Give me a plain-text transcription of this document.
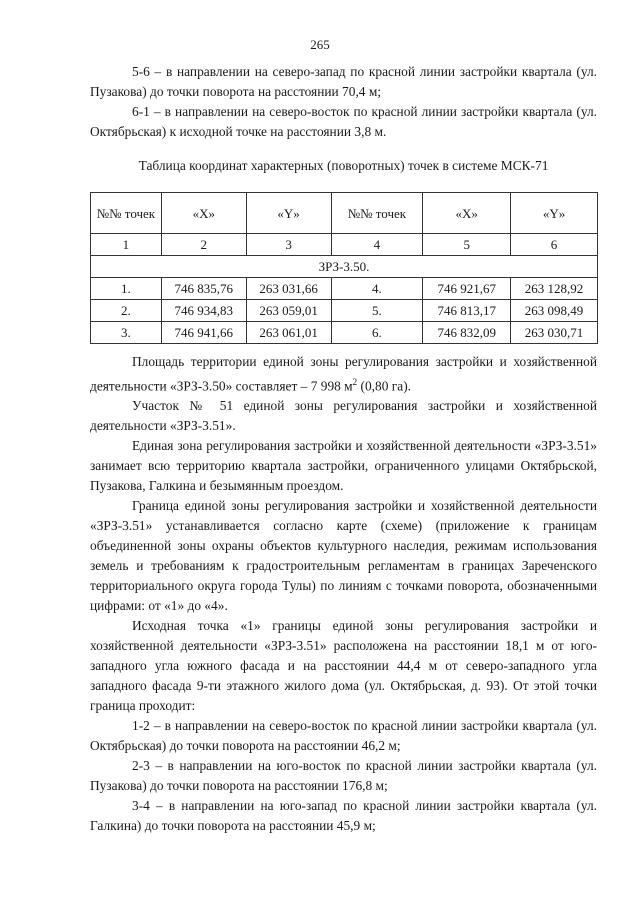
265

5-6 – в направлении на северо-запад по красной линии застройки квартала (ул. Пузакова) до точки поворота на расстоянии 70,4 м;

6-1 – в направлении на северо-восток по красной линии застройки квартала (ул. Октябрьская) к исходной точке на расстоянии 3,8 м.

Таблица координат характерных (поворотных) точек в системе МСК-71

№№ точек	«X»	«Y»	№№ точек	«X»	«Y»
1	2	3	4	5	6
ЗРЗ-3.50.					
1.	746 835,76	263 031,66	4.	746 921,67	263 128,92
2.	746 934,83	263 059,01	5.	746 813,17	263 098,49
3.	746 941,66	263 061,01	6.	746 832,09	263 030,71

Площадь территории единой зоны регулирования застройки и хозяйственной деятельности «ЗРЗ-3.50» составляет – 7 998 $м^2$ (0,80 га).

Участок № 51 единой зоны регулирования застройки и хозяйственной деятельности «ЗРЗ-3.51».

Единая зона регулирования застройки и хозяйственной деятельности «ЗРЗ-3.51» занимает всю территорию квартала застройки, ограниченного улицами Октябрьской, Пузакова, Галкина и безымянным проездом.

Граница единой зоны регулирования застройки и хозяйственной деятельности «ЗРЗ-3.51» устанавливается согласно карте (схеме) (приложение к границам объединенной зоны охраны объектов культурного наследия, режимам использования земель и требованиям к градостроительным регламентам в границах Зареченского территориального округа города Тулы) по линиям с точками поворота, обозначенными цифрами: от «1» до «4».

Исходная точка «1» границы единой зоны регулирования застройки и хозяйственной деятельности «ЗРЗ-3.51» расположена на расстоянии 18,1 м от юго-западного угла южного фасада и на расстоянии 44,4 м от северо-западного угла западного фасада 9-ти этажного жилого дома (ул. Октябрьская, д. 93). От этой точки граница проходит:

1-2 – в направлении на северо-восток по красной линии застройки квартала (ул. Октябрьская) до точки поворота на расстоянии 46,2 м;

2-3 – в направлении на юго-восток по красной линии застройки квартала (ул. Пузакова) до точки поворота на расстоянии 176,8 м;

3-4 – в направлении на юго-запад по красной линии застройки квартала (ул. Галкина) до точки поворота на расстоянии 45,9 м;
